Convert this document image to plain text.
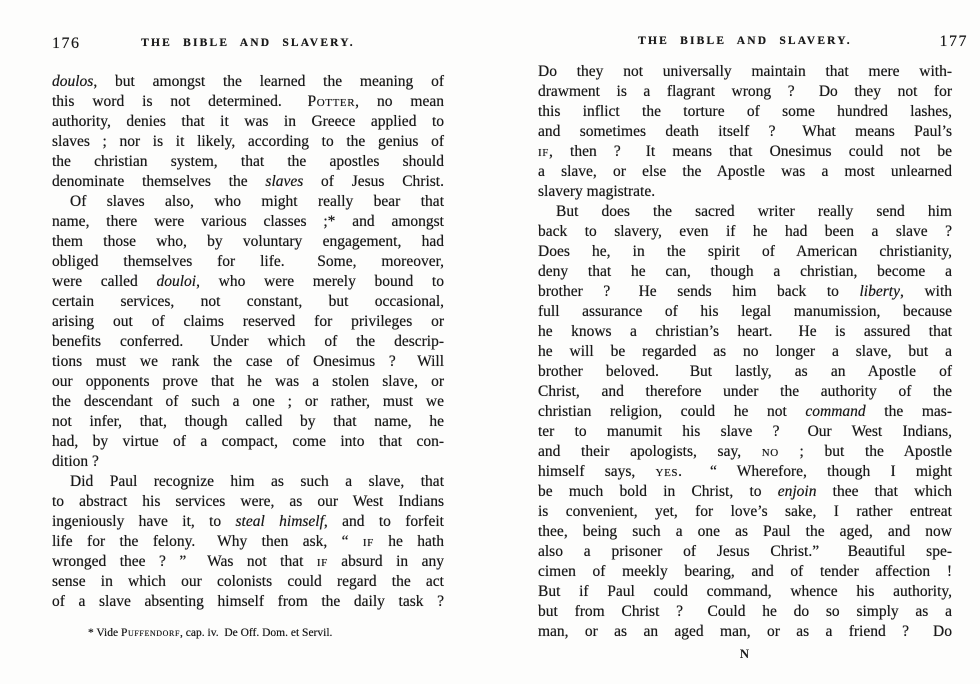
176	THE BIBLE AND SLAVERY.
doulos, but amongst the learned the meaning of
this word is not determined.  Potter, no mean
authority, denies that it was in Greece applied to
slaves ; nor is it likely, according to the genius of
the christian system, that the apostles should
denominate themselves the slaves of Jesus Christ.
Of slaves also, who might really bear that
name, there were various classes ;* and amongst
them those who, by voluntary engagement, had
obliged themselves for life.  Some, moreover,
were called douloi, who were merely bound to
certain services, not constant, but occasional,
arising out of claims reserved for privileges or
benefits conferred.  Under which of the descrip-
tions must we rank the case of Onesimus ?  Will
our opponents prove that he was a stolen slave, or
the descendant of such a one ; or rather, must we
not infer, that, though called by that name, he
had, by virtue of a compact, come into that con-
dition ?
Did Paul recognize him as such a slave, that
to abstract his services were, as our West Indians
ingeniously have it, to steal himself, and to forfeit
life for the felony.  Why then ask, “ if he hath
wronged thee ? ”  Was not that if absurd in any
sense in which our colonists could regard the act
of a slave absenting himself from the daily task ?
* Vide Puffendorf, cap. iv. De Off. Dom. et Servil.
THE BIBLE AND SLAVERY.	177
Do they not universally maintain that mere with-
drawment is a flagrant wrong ?  Do they not for
this inflict the torture of some hundred lashes,
and sometimes death itself ?  What means Paul’s
if, then ?  It means that Onesimus could not be
a slave, or else the Apostle was a most unlearned
slavery magistrate.
But does the sacred writer really send him
back to slavery, even if he had been a slave ?
Does he, in the spirit of American christianity,
deny that he can, though a christian, become a
brother ?  He sends him back to liberty, with
full assurance of his legal manumission, because
he knows a christian’s heart.  He is assured that
he will be regarded as no longer a slave, but a
brother beloved.  But lastly, as an Apostle of
Christ, and therefore under the authority of the
christian religion, could he not command the mas-
ter to manumit his slave ?  Our West Indians,
and their apologists, say, no ; but the Apostle
himself says, yes.  “ Wherefore, though I might
be much bold in Christ, to enjoin thee that which
is convenient, yet, for love’s sake, I rather entreat
thee, being such a one as Paul the aged, and now
also a prisoner of Jesus Christ.”  Beautiful spe-
cimen of meekly bearing, and of tender affection !
But if Paul could command, whence his authority,
but from Christ ?  Could he do so simply as a
man, or as an aged man, or as a friend ?  Do
N
